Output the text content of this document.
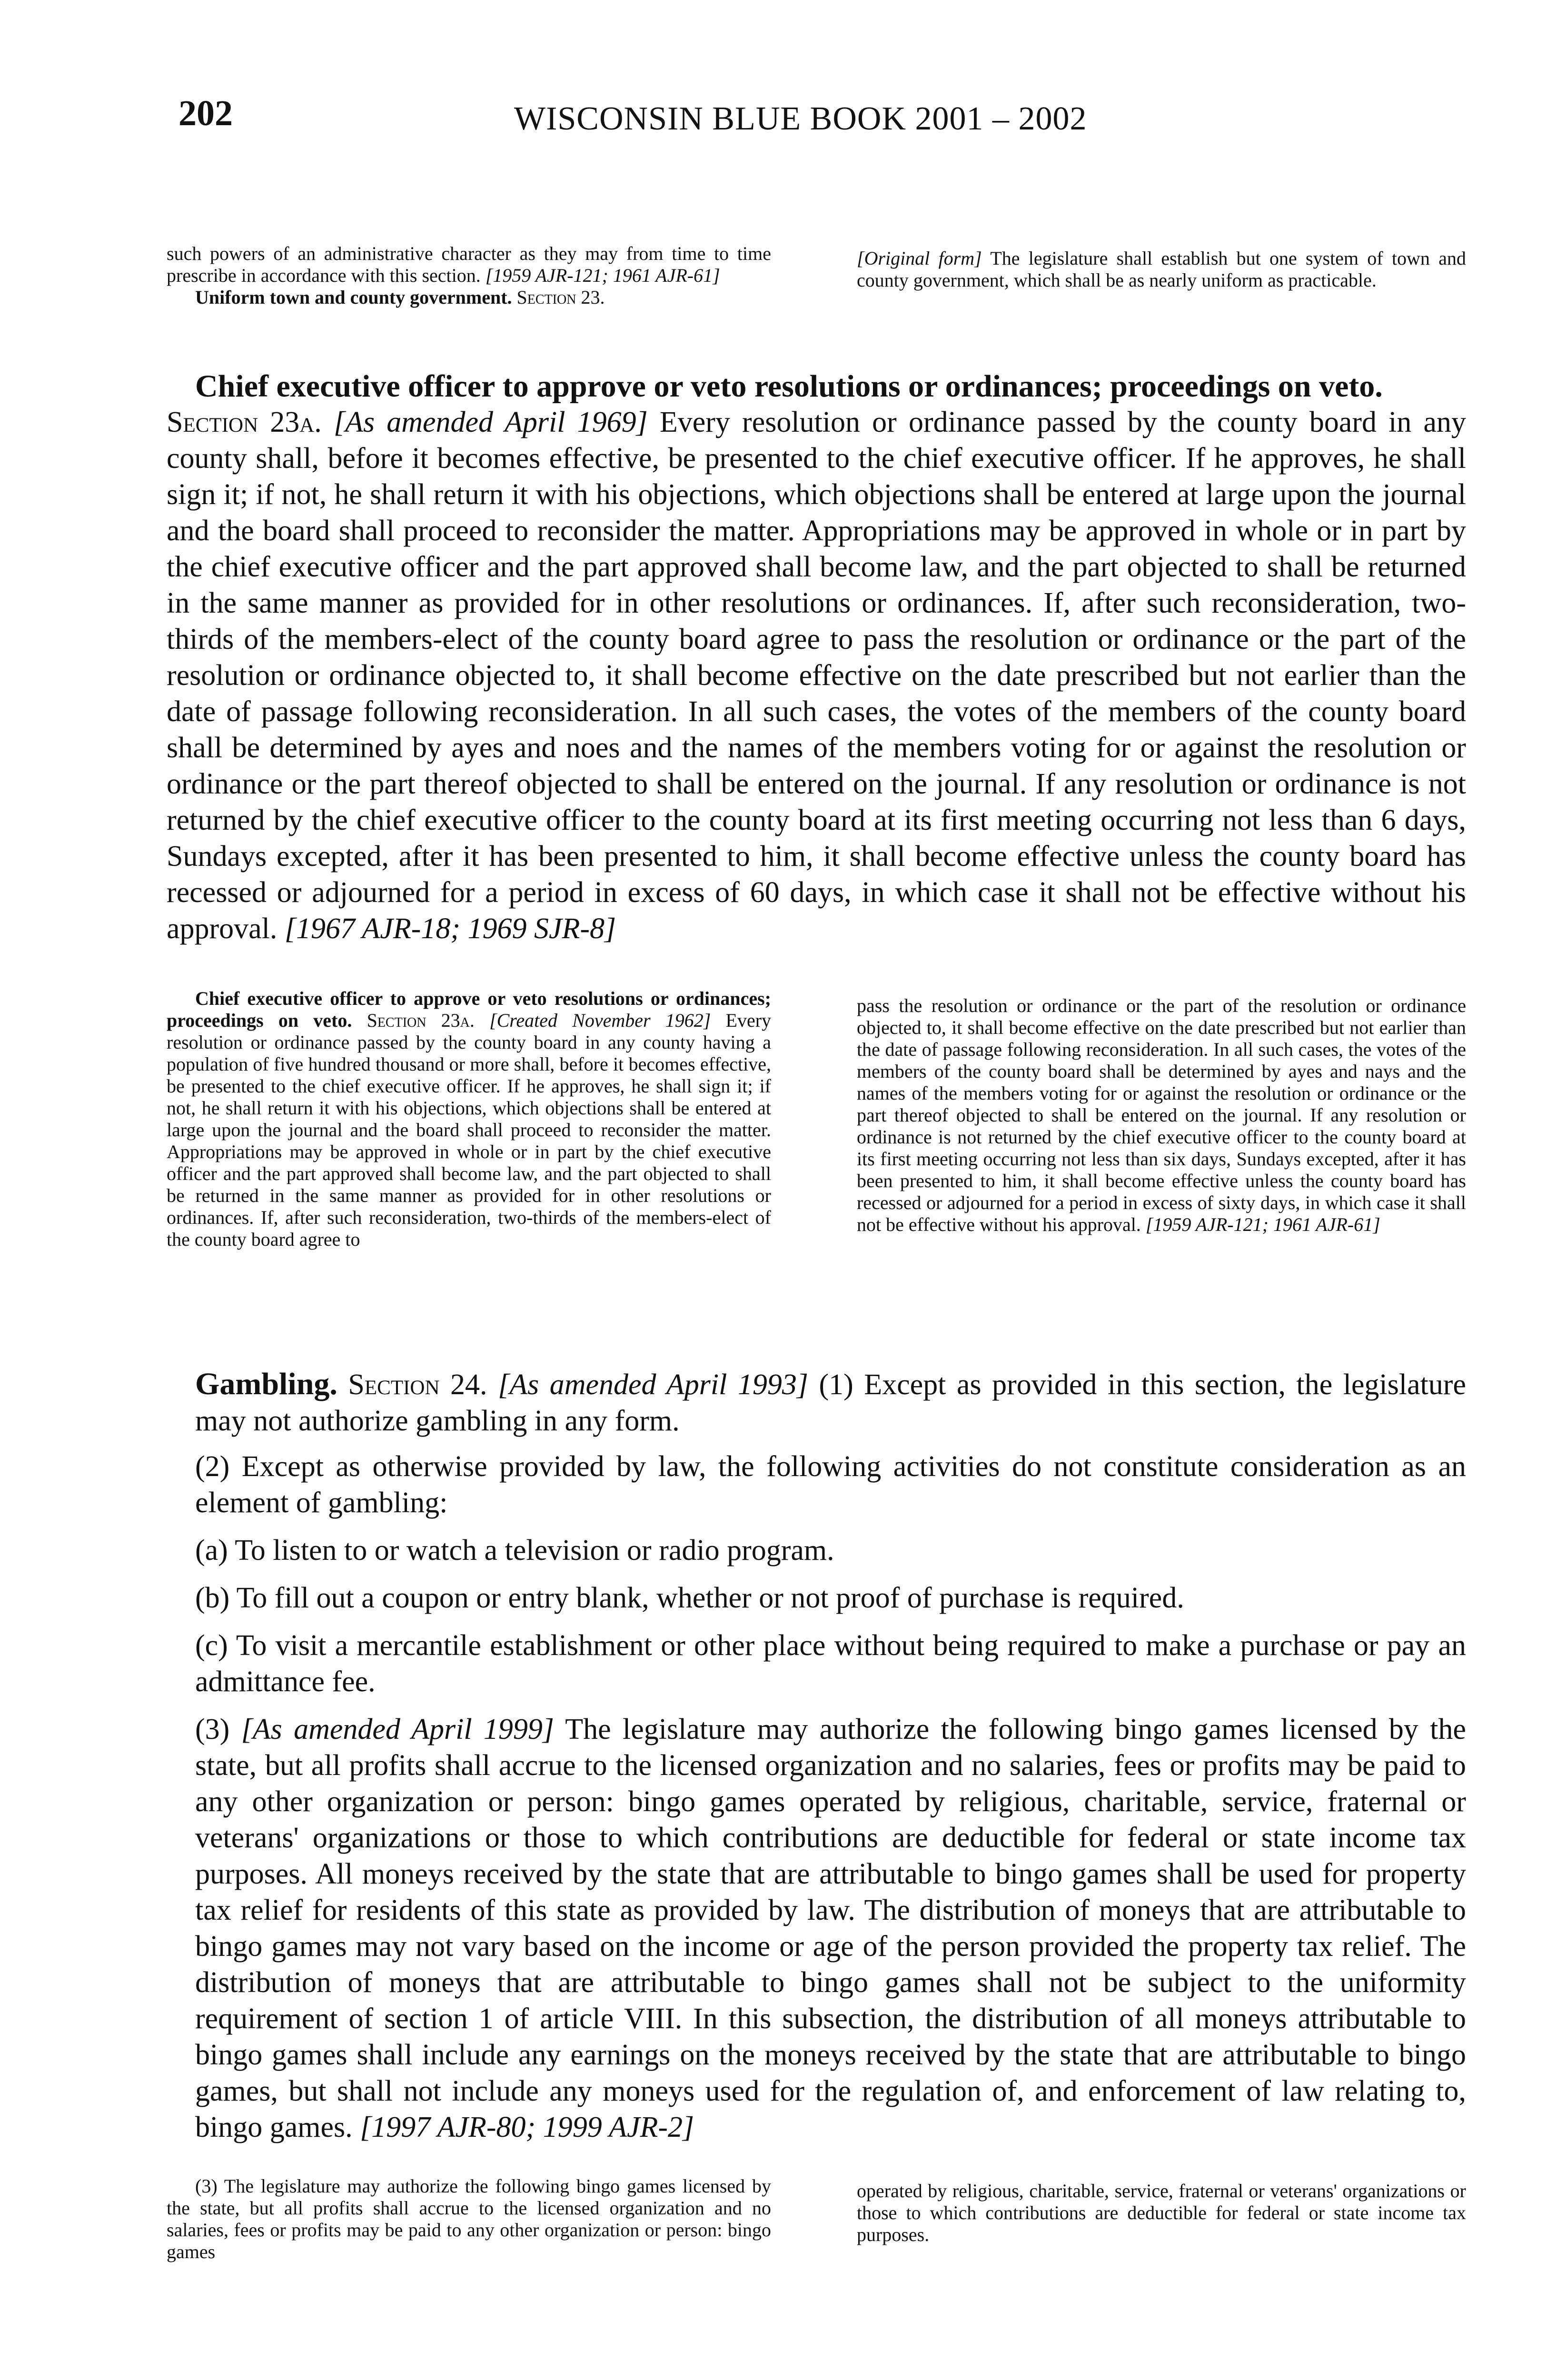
202	WISCONSIN BLUE BOOK 2001 – 2002
such powers of an administrative character as they may from time to time prescribe in accordance with this section. [1959 AJR-121; 1961 AJR-61]
Uniform town and county government. Section 23.
[Original form] The legislature shall establish but one system of town and county government, which shall be as nearly uniform as practicable.
Chief executive officer to approve or veto resolutions or ordinances; proceedings on veto.
Section 23a. [As amended April 1969] Every resolution or ordinance passed by the county board in any county shall, before it becomes effective, be presented to the chief executive officer. If he approves, he shall sign it; if not, he shall return it with his objections, which objections shall be entered at large upon the journal and the board shall proceed to reconsider the matter. Appropriations may be approved in whole or in part by the chief executive officer and the part approved shall become law, and the part objected to shall be returned in the same manner as provided for in other resolutions or ordinances. If, after such reconsideration, two-thirds of the members-elect of the county board agree to pass the resolution or ordinance or the part of the resolution or ordinance objected to, it shall become effective on the date prescribed but not earlier than the date of passage following reconsideration. In all such cases, the votes of the members of the county board shall be determined by ayes and noes and the names of the members voting for or against the resolution or ordinance or the part thereof objected to shall be entered on the journal. If any resolution or ordinance is not returned by the chief executive officer to the county board at its first meeting occurring not less than 6 days, Sundays excepted, after it has been presented to him, it shall become effective unless the county board has recessed or adjourned for a period in excess of 60 days, in which case it shall not be effective without his approval. [1967 AJR-18; 1969 SJR-8]
Chief executive officer to approve or veto resolutions or ordinances; proceedings on veto. Section 23a. [Created November 1962] Every resolution or ordinance passed by the county board in any county having a population of five hundred thousand or more shall, before it becomes effective, be presented to the chief executive officer. If he approves, he shall sign it; if not, he shall return it with his objections, which objections shall be entered at large upon the journal and the board shall proceed to reconsider the matter. Appropriations may be approved in whole or in part by the chief executive officer and the part approved shall become law, and the part objected to shall be returned in the same manner as provided for in other resolutions or ordinances. If, after such reconsideration, two-thirds of the members-elect of the county board agree to
pass the resolution or ordinance or the part of the resolution or ordinance objected to, it shall become effective on the date prescribed but not earlier than the date of passage following reconsideration. In all such cases, the votes of the members of the county board shall be determined by ayes and nays and the names of the members voting for or against the resolution or ordinance or the part thereof objected to shall be entered on the journal. If any resolution or ordinance is not returned by the chief executive officer to the county board at its first meeting occurring not less than six days, Sundays excepted, after it has been presented to him, it shall become effective unless the county board has recessed or adjourned for a period in excess of sixty days, in which case it shall not be effective without his approval. [1959 AJR-121; 1961 AJR-61]
Gambling. Section 24. [As amended April 1993] (1) Except as provided in this section, the legislature may not authorize gambling in any form.
(2) Except as otherwise provided by law, the following activities do not constitute consideration as an element of gambling:
(a) To listen to or watch a television or radio program.
(b) To fill out a coupon or entry blank, whether or not proof of purchase is required.
(c) To visit a mercantile establishment or other place without being required to make a purchase or pay an admittance fee.
(3) [As amended April 1999] The legislature may authorize the following bingo games licensed by the state, but all profits shall accrue to the licensed organization and no salaries, fees or profits may be paid to any other organization or person: bingo games operated by religious, charitable, service, fraternal or veterans' organizations or those to which contributions are deductible for federal or state income tax purposes. All moneys received by the state that are attributable to bingo games shall be used for property tax relief for residents of this state as provided by law. The distribution of moneys that are attributable to bingo games may not vary based on the income or age of the person provided the property tax relief. The distribution of moneys that are attributable to bingo games shall not be subject to the uniformity requirement of section 1 of article VIII. In this subsection, the distribution of all moneys attributable to bingo games shall include any earnings on the moneys received by the state that are attributable to bingo games, but shall not include any moneys used for the regulation of, and enforcement of law relating to, bingo games. [1997 AJR-80; 1999 AJR-2]
(3) The legislature may authorize the following bingo games licensed by the state, but all profits shall accrue to the licensed organization and no salaries, fees or profits may be paid to any other organization or person: bingo games
operated by religious, charitable, service, fraternal or veterans' organizations or those to which contributions are deductible for federal or state income tax purposes.
